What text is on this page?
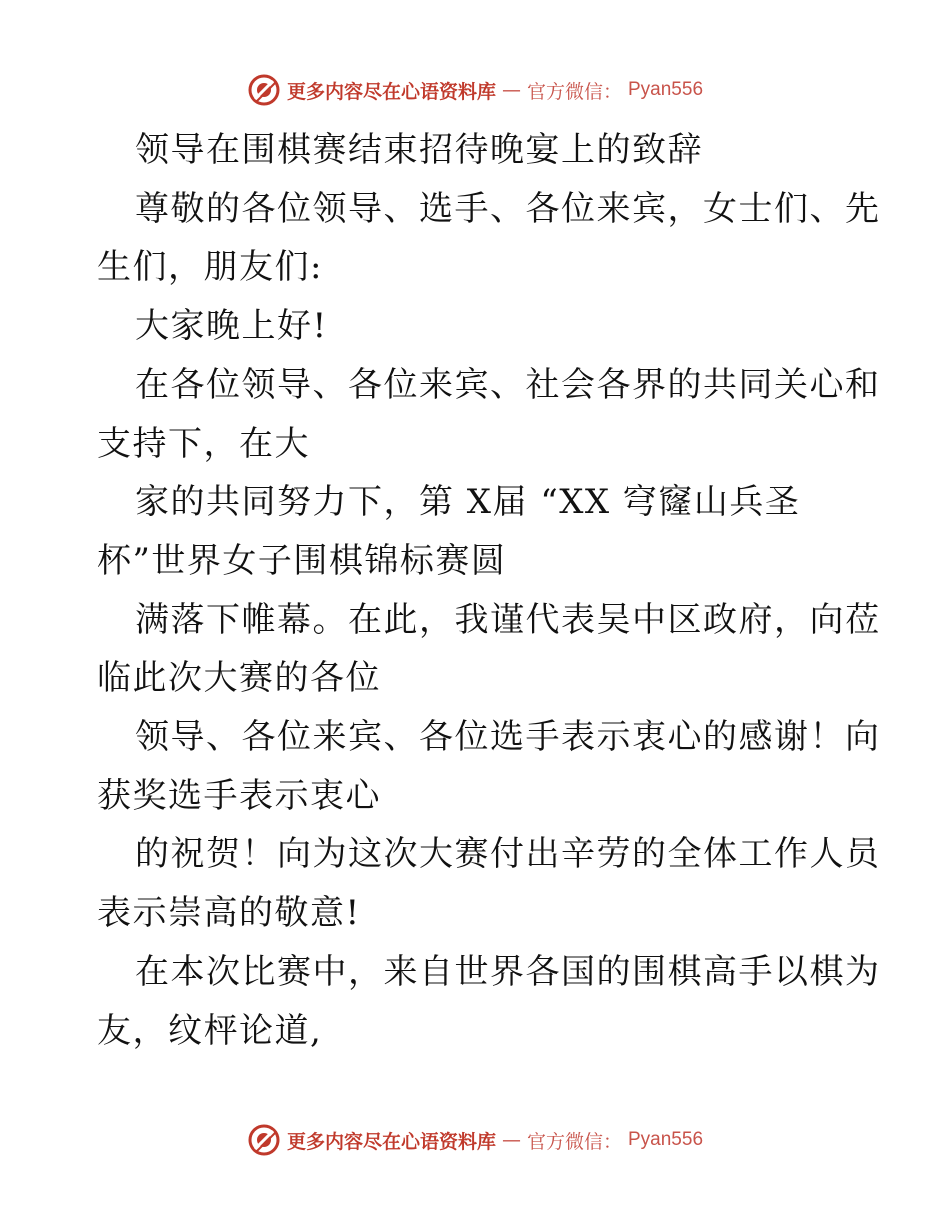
更多内容尽在心语资料库 — 官方微信： Pyan556

领导在围棋赛结束招待晚宴上的致辞

尊敬的各位领导、选手、各位来宾，女士们、先

生们，朋友们:

大家晚上好!

在各位领导、各位来宾、社会各界的共同关心和

支持下，在大

家的共同努力下，第 X届 “XX 穹窿山兵圣

杯”世界女子围棋锦标赛圆

满落下帷幕。在此，我谨代表吴中区政府，向莅

临此次大赛的各位

领导、各位来宾、各位选手表示衷心的感谢！向

获奖选手表示衷心

的祝贺！向为这次大赛付出辛劳的全体工作人员

表示崇高的敬意!

在本次比赛中，来自世界各国的围棋高手以棋为

友，纹枰论道,

更多内容尽在心语资料库 — 官方微信： Pyan556
